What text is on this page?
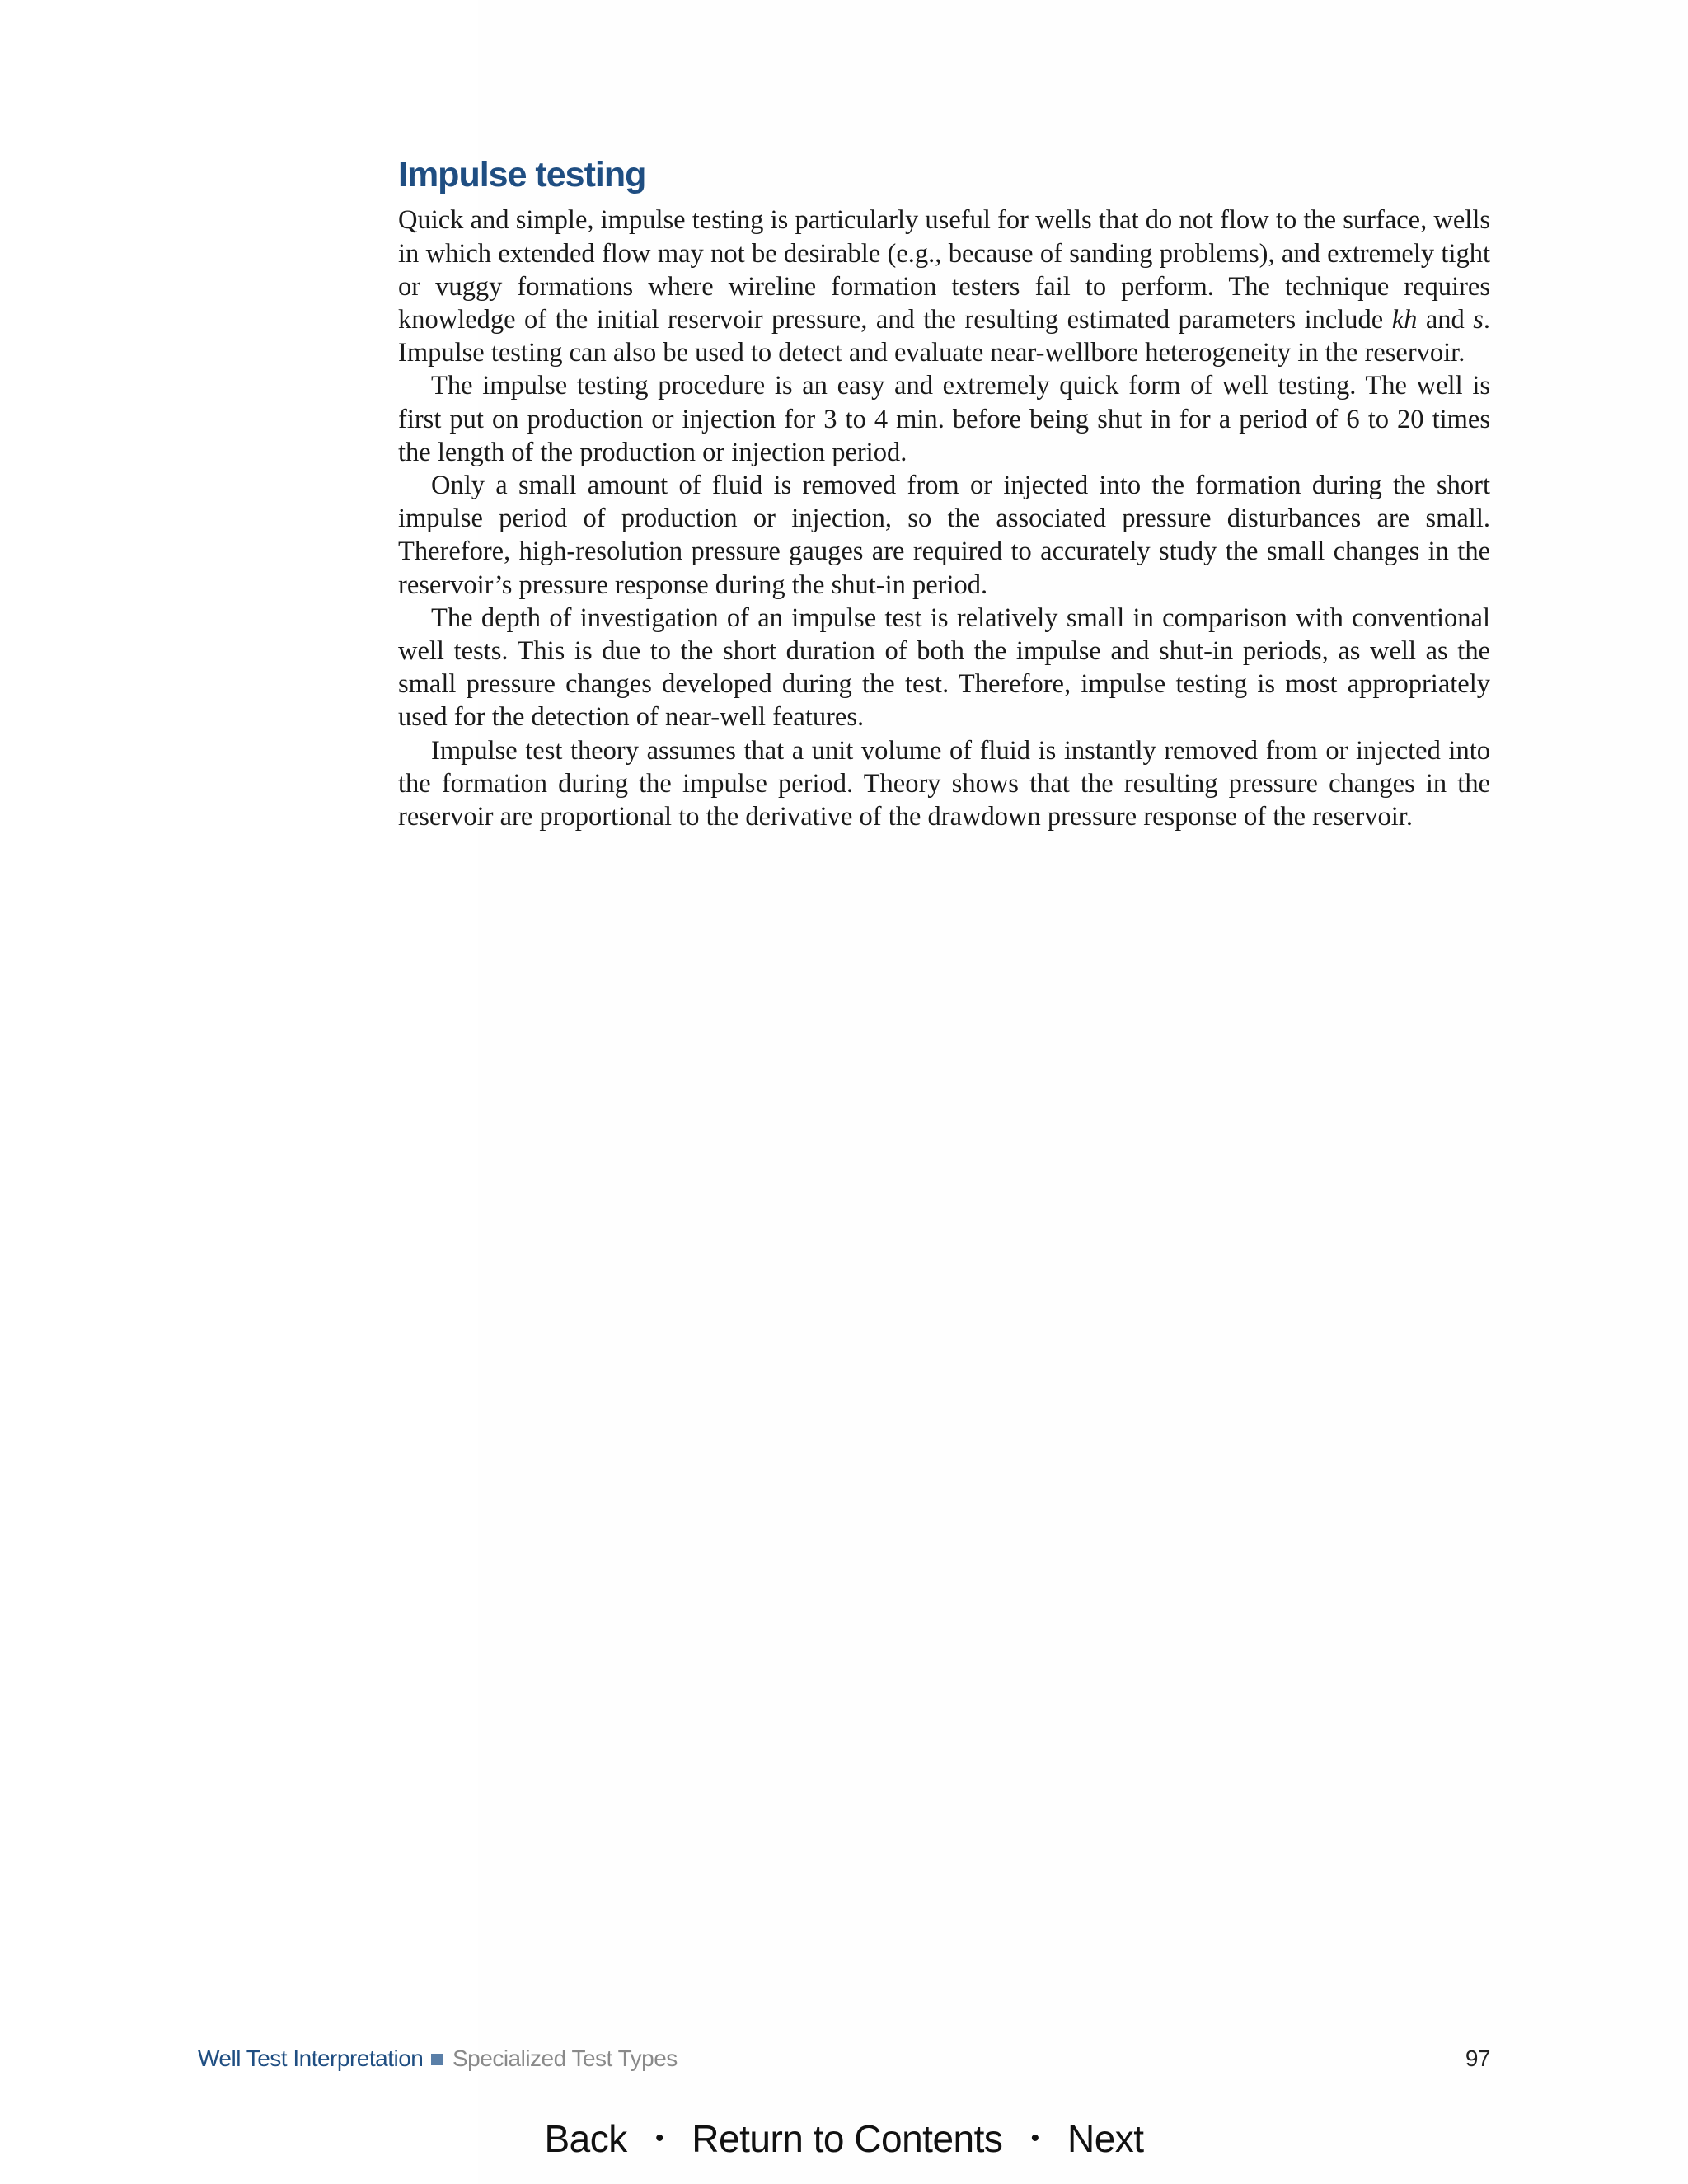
Impulse testing

Quick and simple, impulse testing is particularly useful for wells that do not flow to the surface, wells in which extended flow may not be desirable (e.g., because of sanding problems), and extremely tight or vuggy formations where wireline formation testers fail to perform. The technique requires knowledge of the initial reservoir pressure, and the resulting estimated parameters include kh and s. Impulse testing can also be used to detect and evaluate near-wellbore heterogeneity in the reservoir.

The impulse testing procedure is an easy and extremely quick form of well testing. The well is first put on production or injection for 3 to 4 min. before being shut in for a period of 6 to 20 times the length of the production or injection period.

Only a small amount of fluid is removed from or injected into the formation during the short impulse period of production or injection, so the associated pressure disturbances are small. Therefore, high-resolution pressure gauges are required to accurately study the small changes in the reservoir’s pressure response during the shut-in period.

The depth of investigation of an impulse test is relatively small in comparison with conventional well tests. This is due to the short duration of both the impulse and shut-in periods, as well as the small pressure changes developed during the test. Therefore, impulse testing is most appropriately used for the detection of near-well features.

Impulse test theory assumes that a unit volume of fluid is instantly removed from or injected into the formation during the impulse period. Theory shows that the resulting pressure changes in the reservoir are proportional to the derivative of the drawdown pressure response of the reservoir.

Well Test Interpretation Specialized Test Types	97
Back • Return to Contents • Next
